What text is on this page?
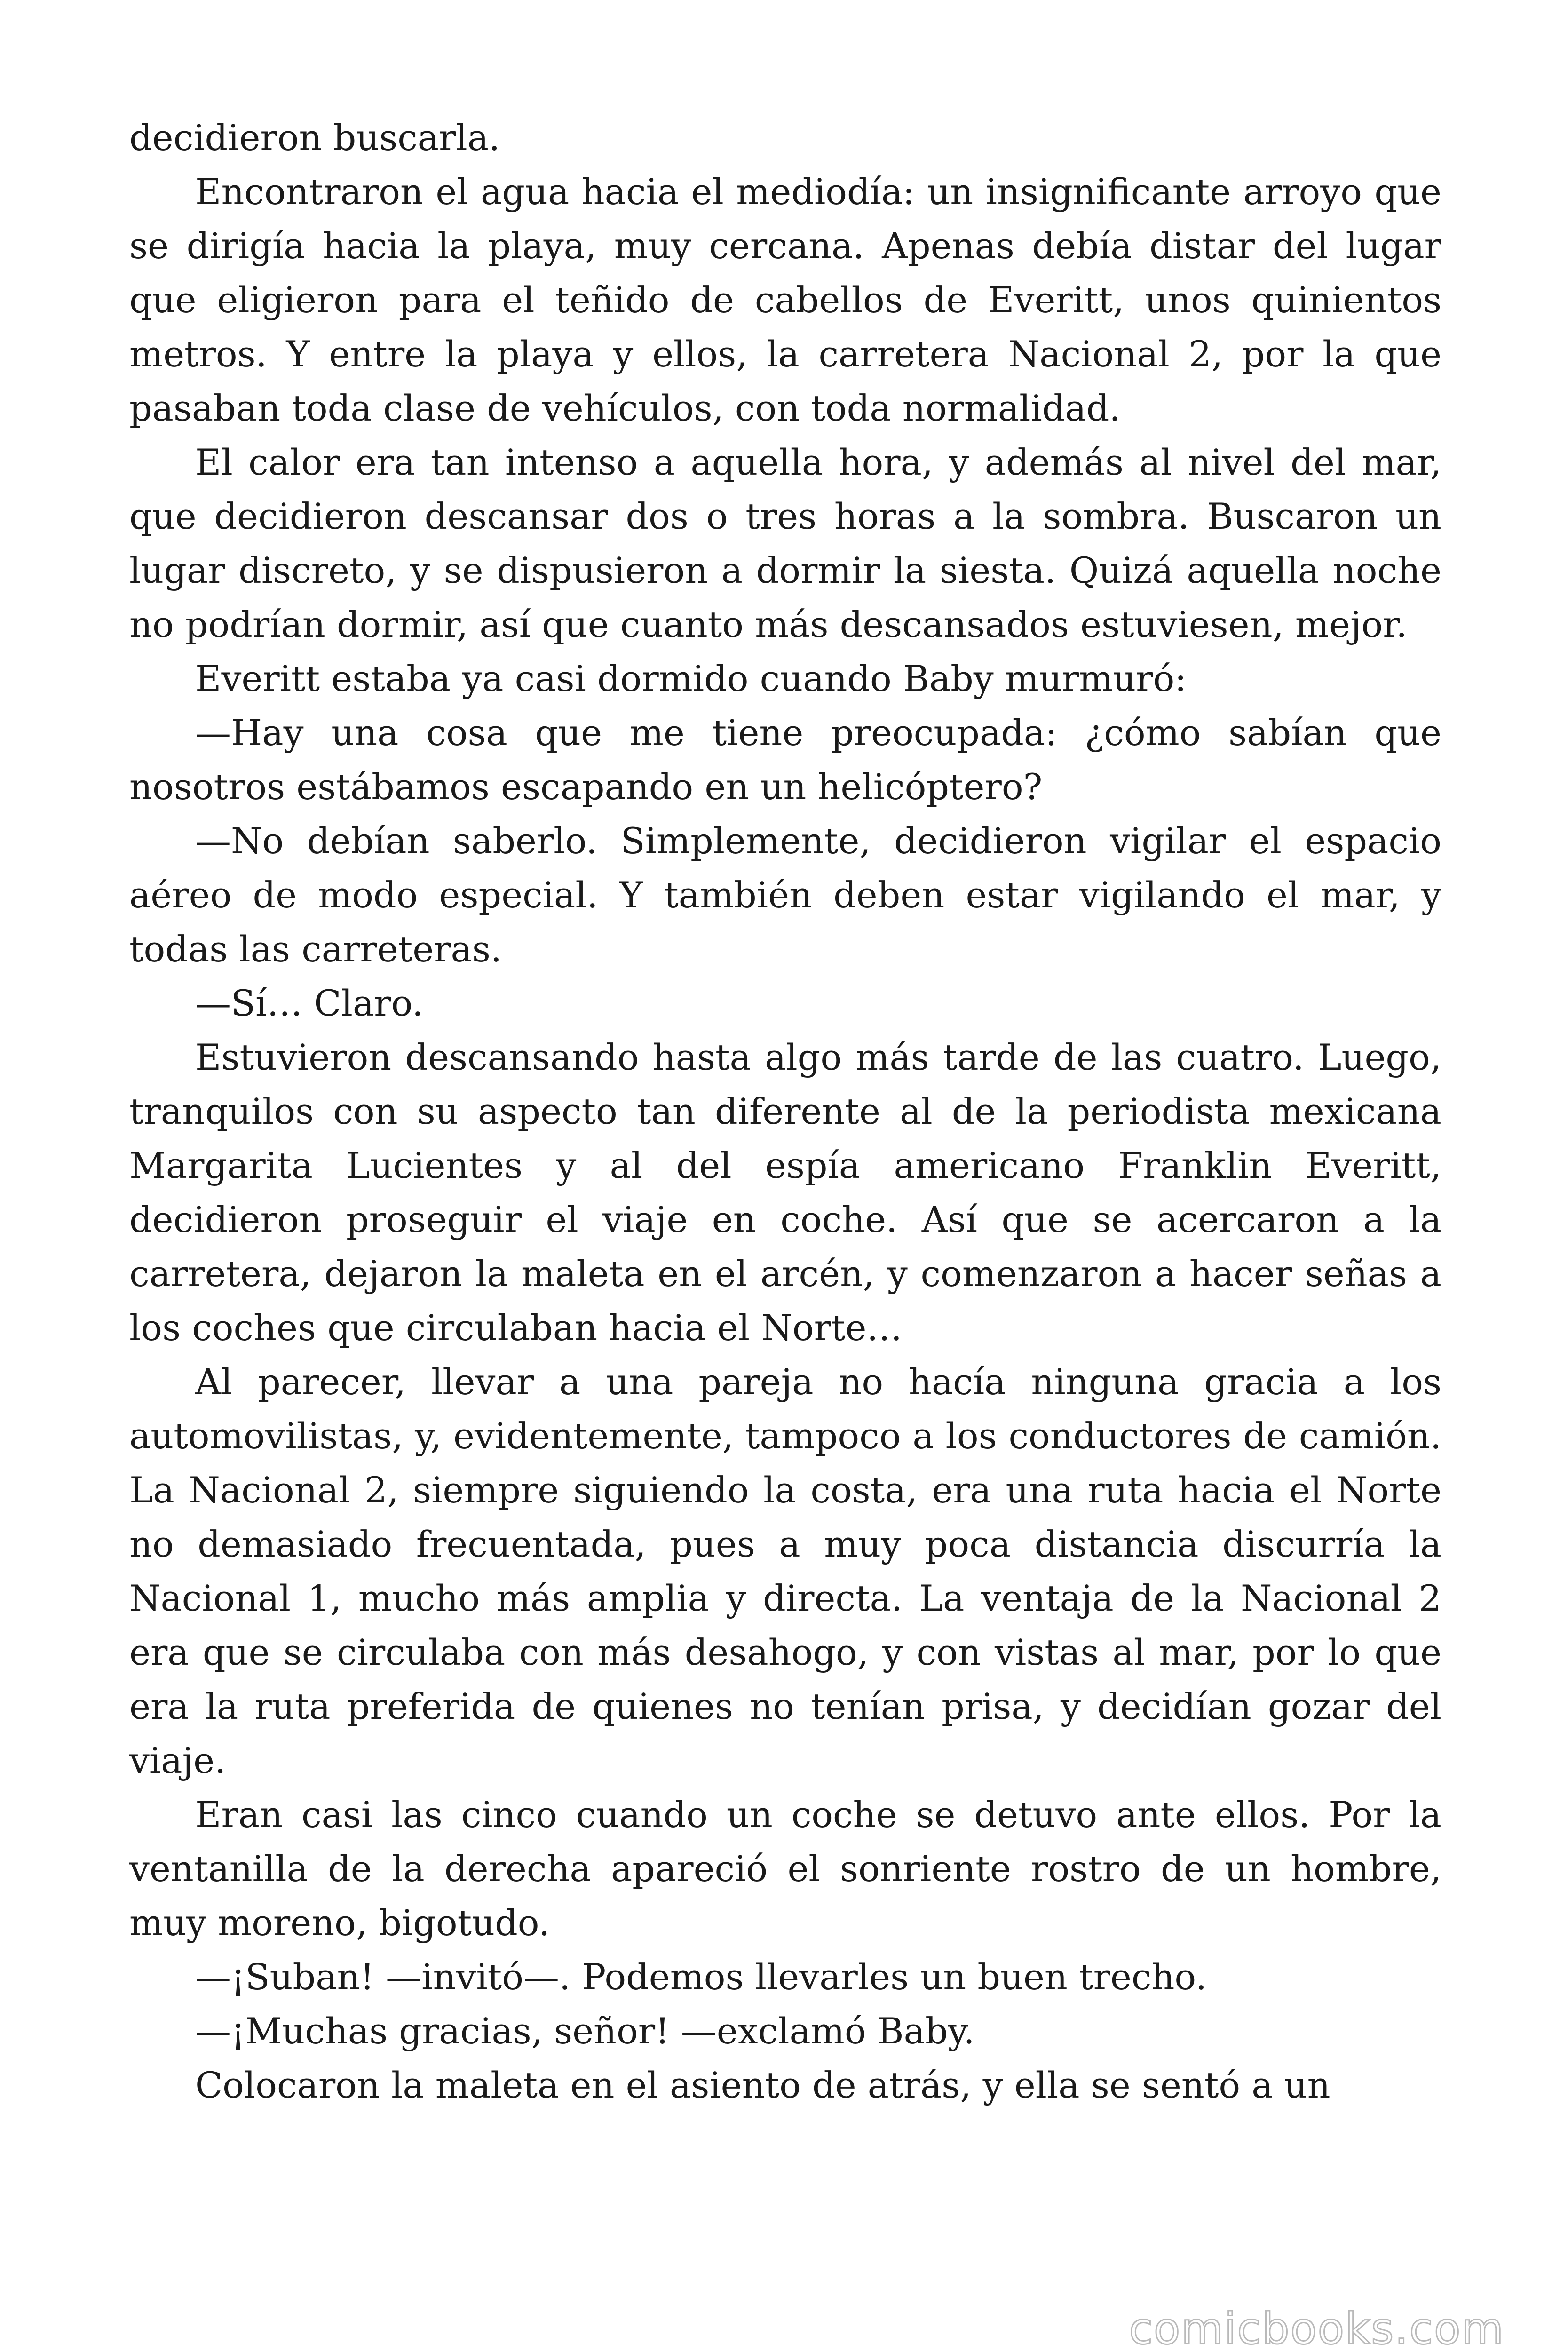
decidieron buscarla.

Encontraron el agua hacia el mediodía: un insignificante arroyo que se dirigía hacia la playa, muy cercana. Apenas debía distar del lugar que eligieron para el teñido de cabellos de Everitt, unos quinientos metros. Y entre la playa y ellos, la carretera Nacional 2, por la que pasaban toda clase de vehículos, con toda normalidad.

El calor era tan intenso a aquella hora, y además al nivel del mar, que decidieron descansar dos o tres horas a la sombra. Buscaron un lugar discreto, y se dispusieron a dormir la siesta. Quizá aquella noche no podrían dormir, así que cuanto más descansados estuviesen, mejor.

Everitt estaba ya casi dormido cuando Baby murmuró:

—Hay una cosa que me tiene preocupada: ¿cómo sabían que nosotros estábamos escapando en un helicóptero?

—No debían saberlo. Simplemente, decidieron vigilar el espacio aéreo de modo especial. Y también deben estar vigilando el mar, y todas las carreteras.

—Sí… Claro.

Estuvieron descansando hasta algo más tarde de las cuatro. Luego, tranquilos con su aspecto tan diferente al de la periodista mexicana Margarita Lucientes y al del espía americano Franklin Everitt, decidieron proseguir el viaje en coche. Así que se acercaron a la carretera, dejaron la maleta en el arcén, y comenzaron a hacer señas a los coches que circulaban hacia el Norte…

Al parecer, llevar a una pareja no hacía ninguna gracia a los automovilistas, y, evidentemente, tampoco a los conductores de camión. La Nacional 2, siempre siguiendo la costa, era una ruta hacia el Norte no demasiado frecuentada, pues a muy poca distancia discurría la Nacional 1, mucho más amplia y directa. La ventaja de la Nacional 2 era que se circulaba con más desahogo, y con vistas al mar, por lo que era la ruta preferida de quienes no tenían prisa, y decidían gozar del viaje.

Eran casi las cinco cuando un coche se detuvo ante ellos. Por la ventanilla de la derecha apareció el sonriente rostro de un hombre, muy moreno, bigotudo.

—¡Suban! —invitó—. Podemos llevarles un buen trecho.

—¡Muchas gracias, señor! —exclamó Baby.

Colocaron la maleta en el asiento de atrás, y ella se sentó a un

comicbooks.com
